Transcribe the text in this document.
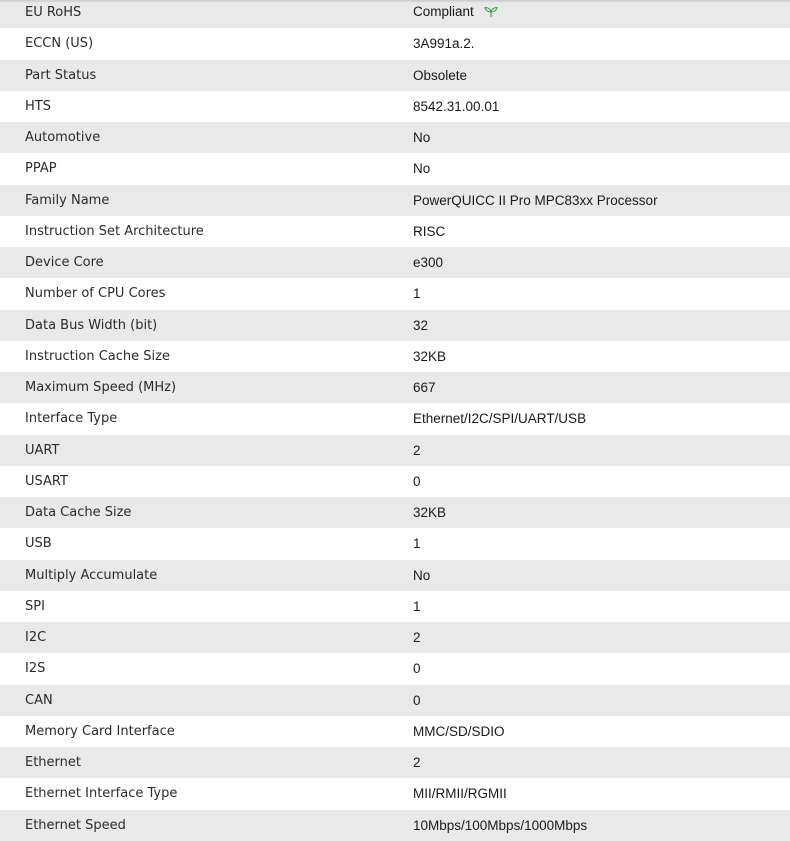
EU RoHS	Compliant
ECCN (US)	3A991a.2.
Part Status	Obsolete
HTS	8542.31.00.01
Automotive	No
PPAP	No
Family Name	PowerQUICC II Pro MPC83xx Processor
Instruction Set Architecture	RISC
Device Core	e300
Number of CPU Cores	1
Data Bus Width (bit)	32
Instruction Cache Size	32KB
Maximum Speed (MHz)	667
Interface Type	Ethernet/I2C/SPI/UART/USB
UART	2
USART	0
Data Cache Size	32KB
USB	1
Multiply Accumulate	No
SPI	1
I2C	2
I2S	0
CAN	0
Memory Card Interface	MMC/SD/SDIO
Ethernet	2
Ethernet Interface Type	MII/RMII/RGMII
Ethernet Speed	10Mbps/100Mbps/1000Mbps
